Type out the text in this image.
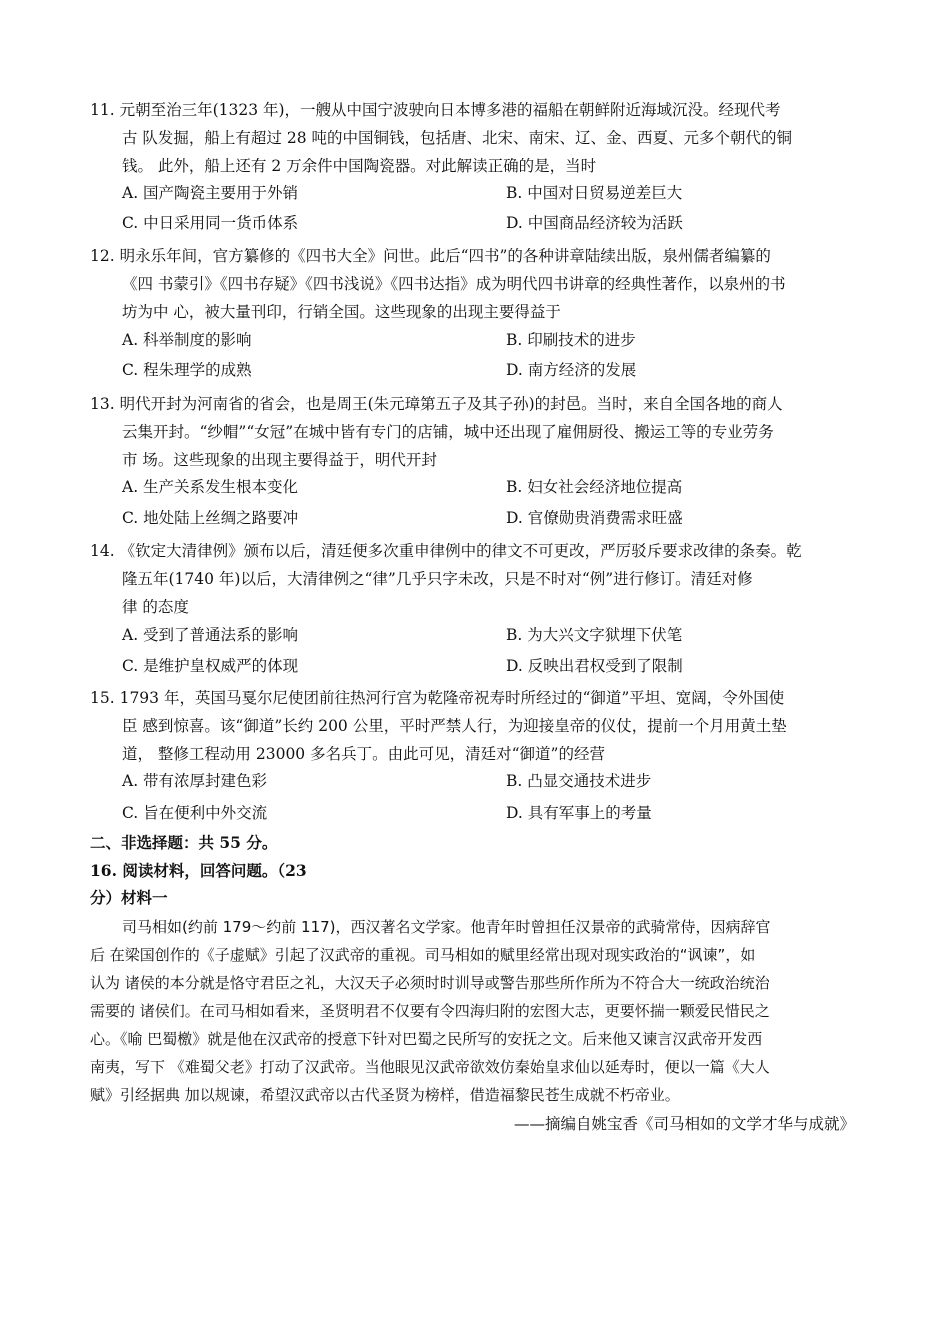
11. 元朝至治三年(1323 年)，一艘从中国宁波驶向日本博多港的福船在朝鲜附近海域沉没。经现代考
古 队发掘，船上有超过 28 吨的中国铜钱，包括唐、北宋、南宋、辽、金、西夏、元多个朝代的铜
钱。 此外，船上还有 2 万余件中国陶瓷器。对此解读正确的是，当时
A. 国产陶瓷主要用于外销	B. 中国对日贸易逆差巨大
C. 中日采用同一货币体系	D. 中国商品经济较为活跃
12. 明永乐年间，官方纂修的《四书大全》问世。此后“四书”的各种讲章陆续出版，泉州儒者编纂的
《四 书蒙引》《四书存疑》《四书浅说》《四书达指》成为明代四书讲章的经典性著作，以泉州的书
坊为中 心，被大量刊印，行销全国。这些现象的出现主要得益于
A. 科举制度的影响	B. 印刷技术的进步
C. 程朱理学的成熟	D. 南方经济的发展
13. 明代开封为河南省的省会，也是周王(朱元璋第五子及其子孙)的封邑。当时，来自全国各地的商人
云集开封。“纱帽”“女冠”在城中皆有专门的店铺，城中还出现了雇佣厨役、搬运工等的专业劳务
市 场。这些现象的出现主要得益于，明代开封
A. 生产关系发生根本变化	B. 妇女社会经济地位提高
C. 地处陆上丝绸之路要冲	D. 官僚勋贵消费需求旺盛
14. 《钦定大清律例》颁布以后，清廷便多次重申律例中的律文不可更改，严厉驳斥要求改律的条奏。乾
隆五年(1740 年)以后，大清律例之“律”几乎只字未改，只是不时对“例”进行修订。清廷对修
律 的态度
A. 受到了普通法系的影响	B. 为大兴文字狱埋下伏笔
C. 是维护皇权威严的体现	D. 反映出君权受到了限制
15. 1793 年，英国马戛尔尼使团前往热河行宫为乾隆帝祝寿时所经过的“御道”平坦、宽阔，令外国使
臣 感到惊喜。该“御道”长约 200 公里，平时严禁人行，为迎接皇帝的仪仗，提前一个月用黄土垫
道， 整修工程动用 23000 多名兵丁。由此可见，清廷对“御道”的经营
A. 带有浓厚封建色彩	B. 凸显交通技术进步
C. 旨在便利中外交流	D. 具有军事上的考量
二、非选择题：共 55 分。
16. 阅读材料，回答问题。（23
分）材料一
司马相如(约前 179～约前 117)，西汉著名文学家。他青年时曾担任汉景帝的武骑常侍，因病辞官
后 在梁国创作的《子虚赋》引起了汉武帝的重视。司马相如的赋里经常出现对现实政治的“讽谏”，如
认为 诸侯的本分就是恪守君臣之礼，大汉天子必须时时训导或警告那些所作所为不符合大一统政治统治
需要的 诸侯们。在司马相如看来，圣贤明君不仅要有令四海归附的宏图大志，更要怀揣一颗爱民惜民之
心。《喻 巴蜀檄》就是他在汉武帝的授意下针对巴蜀之民所写的安抚之文。后来他又谏言汉武帝开发西
南夷，写下 《难蜀父老》打动了汉武帝。当他眼见汉武帝欲效仿秦始皇求仙以延寿时，便以一篇《大人
赋》引经据典 加以规谏，希望汉武帝以古代圣贤为榜样，借造福黎民苍生成就不朽帝业。
——摘编自姚宝香《司马相如的文学才华与成就》
